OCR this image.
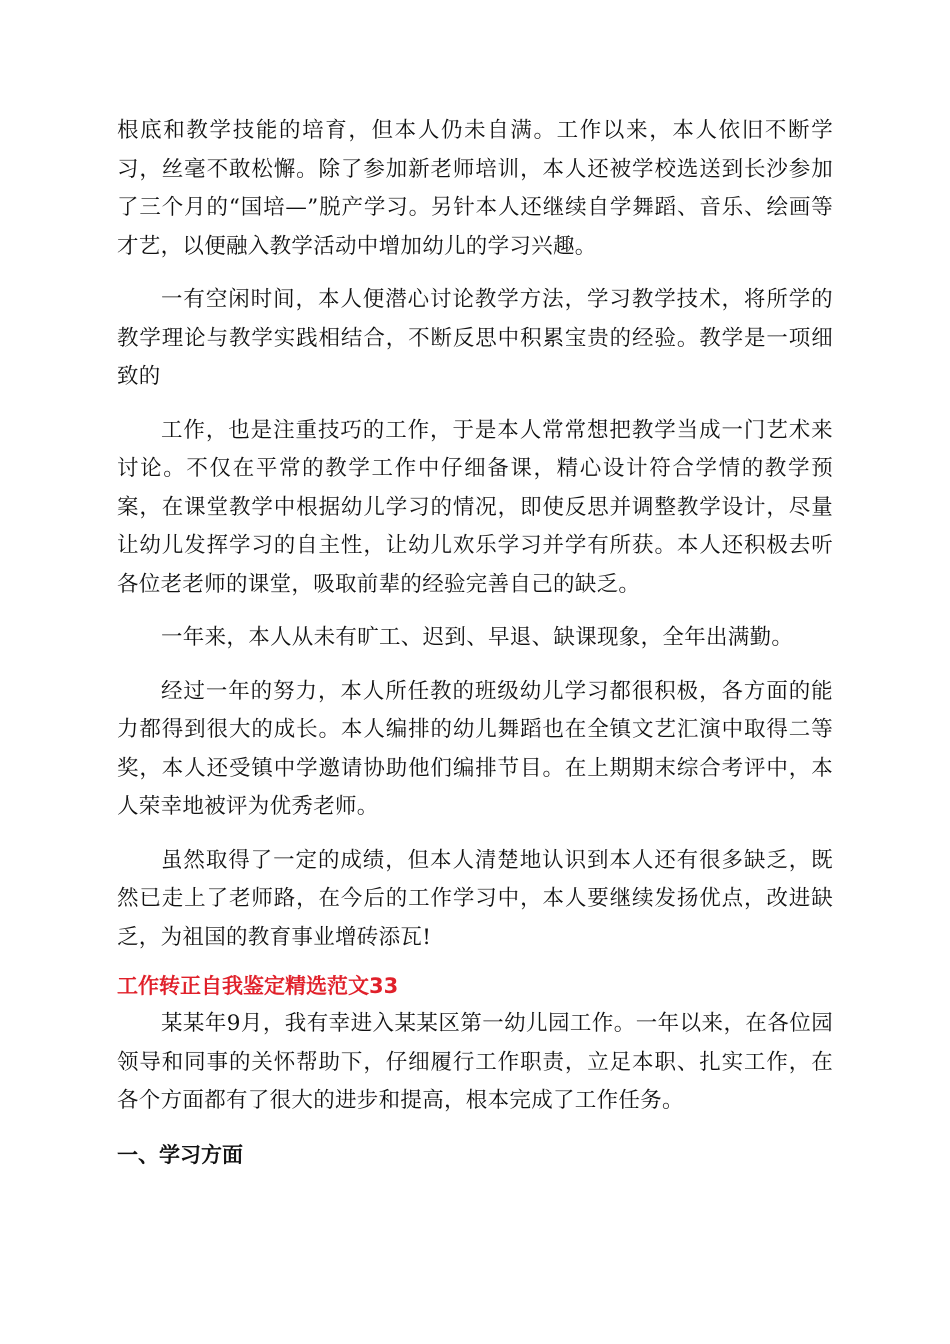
根底和教学技能的培育，但本人仍未自满。工作以来，本人依旧不断学习，丝毫不敢松懈。除了参加新老师培训，本人还被学校选送到长沙参加了三个月的“国培—”脱产学习。另针本人还继续自学舞蹈、音乐、绘画等才艺，以便融入教学活动中增加幼儿的学习兴趣。

一有空闲时间，本人便潜心讨论教学方法，学习教学技术，将所学的教学理论与教学实践相结合，不断反思中积累宝贵的经验。教学是一项细致的

工作，也是注重技巧的工作，于是本人常常想把教学当成一门艺术来讨论。不仅在平常的教学工作中仔细备课，精心设计符合学情的教学预案，在课堂教学中根据幼儿学习的情况，即使反思并调整教学设计，尽量让幼儿发挥学习的自主性，让幼儿欢乐学习并学有所获。本人还积极去听各位老老师的课堂，吸取前辈的经验完善自己的缺乏。

一年来，本人从未有旷工、迟到、早退、缺课现象，全年出满勤。

经过一年的努力，本人所任教的班级幼儿学习都很积极，各方面的能力都得到很大的成长。本人编排的幼儿舞蹈也在全镇文艺汇演中取得二等奖，本人还受镇中学邀请协助他们编排节目。在上期期末综合考评中，本人荣幸地被评为优秀老师。

虽然取得了一定的成绩，但本人清楚地认识到本人还有很多缺乏，既然已走上了老师路，在今后的工作学习中，本人要继续发扬优点，改进缺乏，为祖国的教育事业增砖添瓦!

工作转正自我鉴定精选范文33

某某年9月，我有幸进入某某区第一幼儿园工作。一年以来，在各位园领导和同事的关怀帮助下，仔细履行工作职责，立足本职、扎实工作，在各个方面都有了很大的进步和提高，根本完成了工作任务。

一、学习方面
